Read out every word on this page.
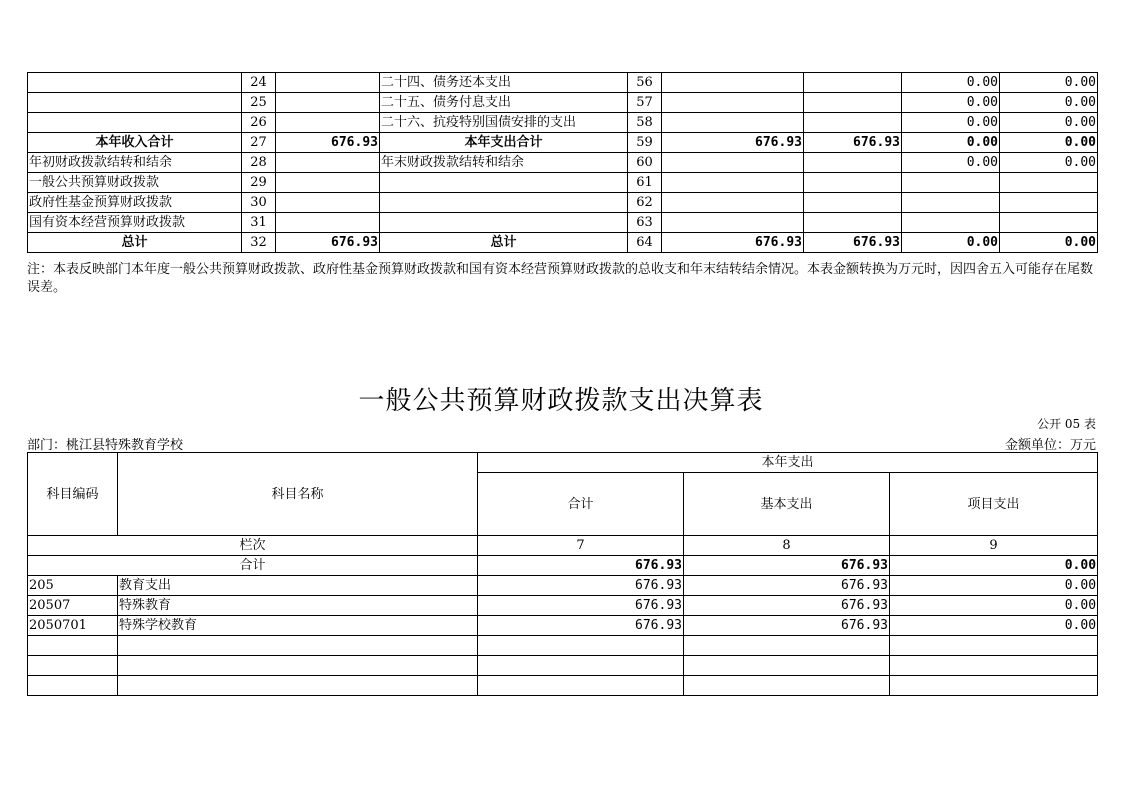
	24		二十四、债务还本支出	56			0.00	0.00
	25		二十五、债务付息支出	57			0.00	0.00
	26		二十六、抗疫特别国债安排的支出	58			0.00	0.00
本年收入合计	27	676.93	本年支出合计	59	676.93	676.93	0.00	0.00
年初财政拨款结转和结余	28		年末财政拨款结转和结余	60			0.00	0.00
一般公共预算财政拨款	29			61				
政府性基金预算财政拨款	30			62				
国有资本经营预算财政拨款	31			63				
总计	32	676.93	总计	64	676.93	676.93	0.00	0.00
注：本表反映部门本年度一般公共预算财政拨款、政府性基金预算财政拨款和国有资本经营预算财政拨款的总收支和年末结转结余情况。本表金额转换为万元时，因四舍五入可能存在尾数误差。
一般公共预算财政拨款支出决算表
公开 05 表
部门：桃江县特殊教育学校	金额单位：万元
科目编码	科目名称	本年支出		
		合计	基本支出	项目支出
栏次		7	8	9
合计		676.93	676.93	0.00
205	教育支出	676.93	676.93	0.00
20507	特殊教育	676.93	676.93	0.00
2050701	特殊学校教育	676.93	676.93	0.00
